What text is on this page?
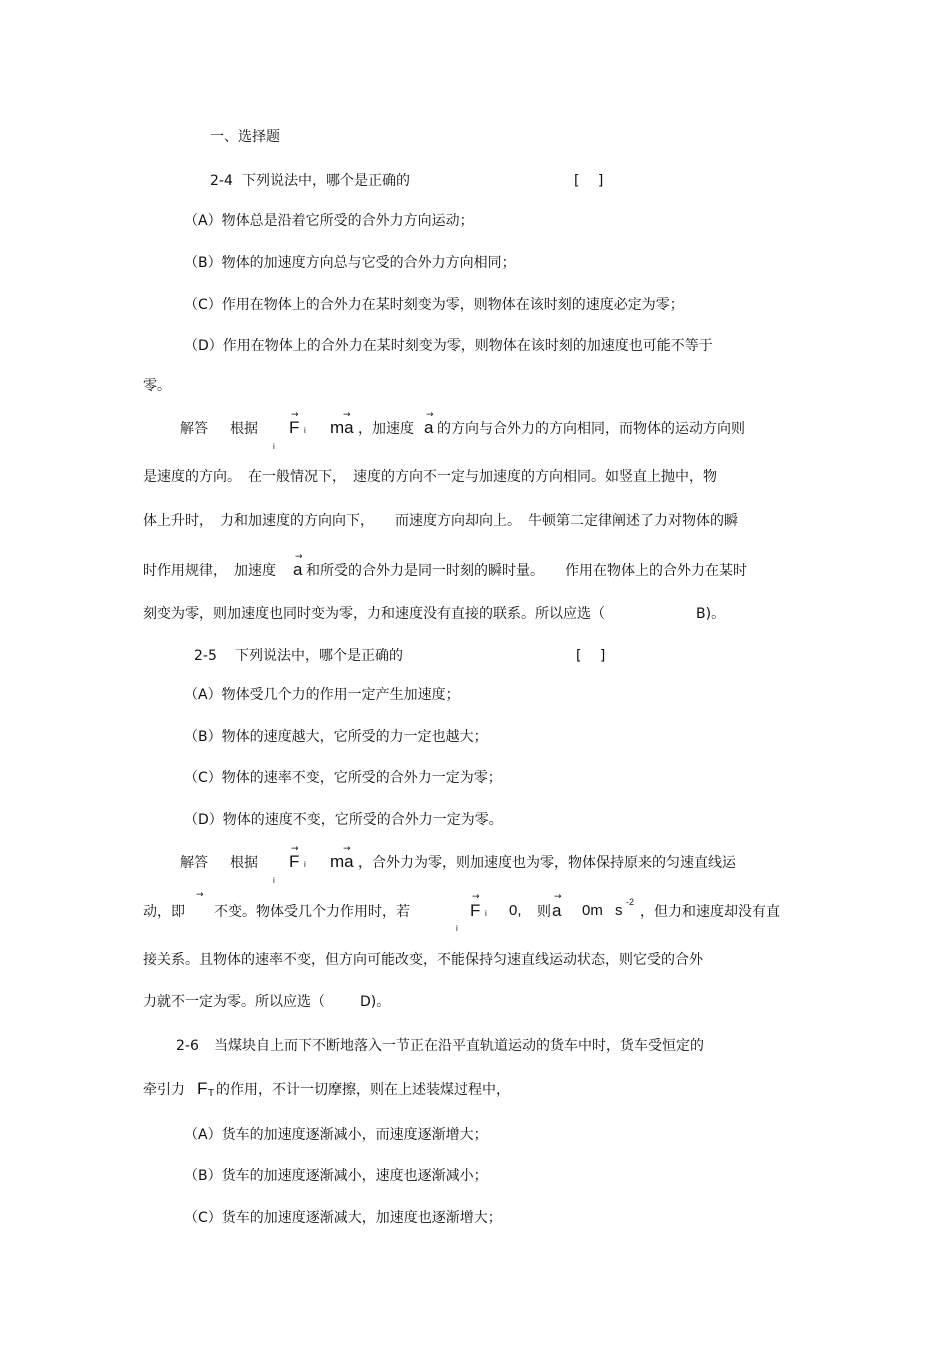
一、选择题
2-4 下列说法中，哪个是正确的	[ ]
（A）物体总是沿着它所受的合外力方向运动；
（B）物体的加速度方向总与它受的合外力方向相同；
（C）作用在物体上的合外力在某时刻变为零，则物体在该时刻的速度必定为零；
（D）作用在物体上的合外力在某时刻变为零，则物体在该时刻的加速度也可能不等于
零。
解答 根据
i
→
F i
→
ma ，加速度
→
a 的方向与合外力的方向相同，而物体的运动方向则
是速度的方向。　在一般情况下，　速度的方向不一定与加速度的方向相同。如竖直上抛中，物
体上升时，　力和加速度的方向向下，　　而速度方向却向上。　牛顿第二定律阐述了力对物体的瞬
时作用规律，　加速度
→
a 和所受的合外力是同一时刻的瞬时量。　　作用在物体上的合外力在某时
刻变为零，则加速度也同时变为零，力和速度没有直接的联系。所以应选（	B)。
2-5 下列说法中，哪个是正确的	[ ]
（A）物体受几个力的作用一定产生加速度；
（B）物体的速度越大，它所受的力一定也越大；
（C）物体的速率不变，它所受的合外力一定为零；
（D）物体的速度不变，它所受的合外力一定为零。
解答 根据
i
→
F i
→
ma ，合外力为零，则加速度也为零，物体保持原来的匀速直线运
动，即
→
不变。物体受几个力作用时，若
i
→
F i 0, 则
→
a 0m s -2
，但力和速度却没有直
接关系。且物体的速率不变，但方向可能改变，不能保持匀速直线运动状态，则它受的合外
力就不一定为零。所以应选（	D)。
2-6 当煤块自上而下不断地落入一节正在沿平直轨道运动的货车中时，货车受恒定的
牵引力 F T 的作用，不计一切摩擦，则在上述装煤过程中，
（A）货车的加速度逐渐减小，而速度逐渐增大；
（B）货车的加速度逐渐减小，速度也逐渐减小；
（C）货车的加速度逐渐减大，加速度也逐渐增大；
